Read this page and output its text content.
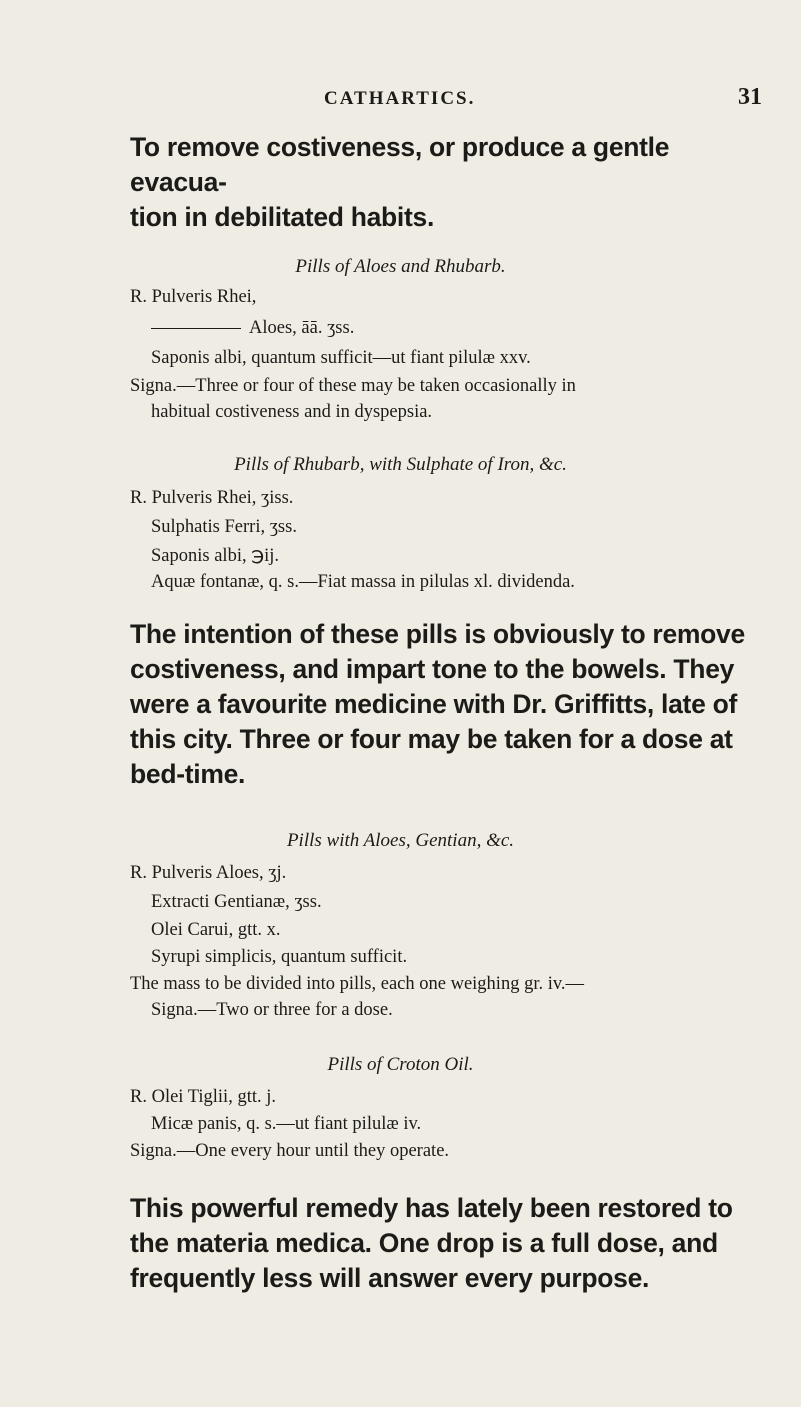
CATHARTICS.	31
To remove costiveness, or produce a gentle evacua-
tion in debilitated habits.
Pills of Aloes and Rhubarb.
R. Pulveris Rhei,
Aloes, āā. ʒss.
Saponis albi, quantum sufficit—ut fiant pilulæ xxv.
Signa.—Three or four of these may be taken occasionally in
habitual costiveness and in dyspepsia.
Pills of Rhubarb, with Sulphate of Iron, &c.
R. Pulveris Rhei, ʒiss.
Sulphatis Ferri, ʒss.
Saponis albi, ℈ij.
Aquæ fontanæ, q. s.—Fiat massa in pilulas xl. dividenda.
The intention of these pills is obviously to remove
costiveness, and impart tone to the bowels. They
were a favourite medicine with Dr. Griffitts, late of
this city. Three or four may be taken for a dose at
bed-time.
Pills with Aloes, Gentian, &c.
R. Pulveris Aloes, ʒj.
Extracti Gentianæ, ʒss.
Olei Carui, gtt. x.
Syrupi simplicis, quantum sufficit.
The mass to be divided into pills, each one weighing gr. iv.—
Signa.—Two or three for a dose.
Pills of Croton Oil.
R. Olei Tiglii, gtt. j.
Micæ panis, q. s.—ut fiant pilulæ iv.
Signa.—One every hour until they operate.
This powerful remedy has lately been restored to
the materia medica. One drop is a full dose, and
frequently less will answer every purpose.
